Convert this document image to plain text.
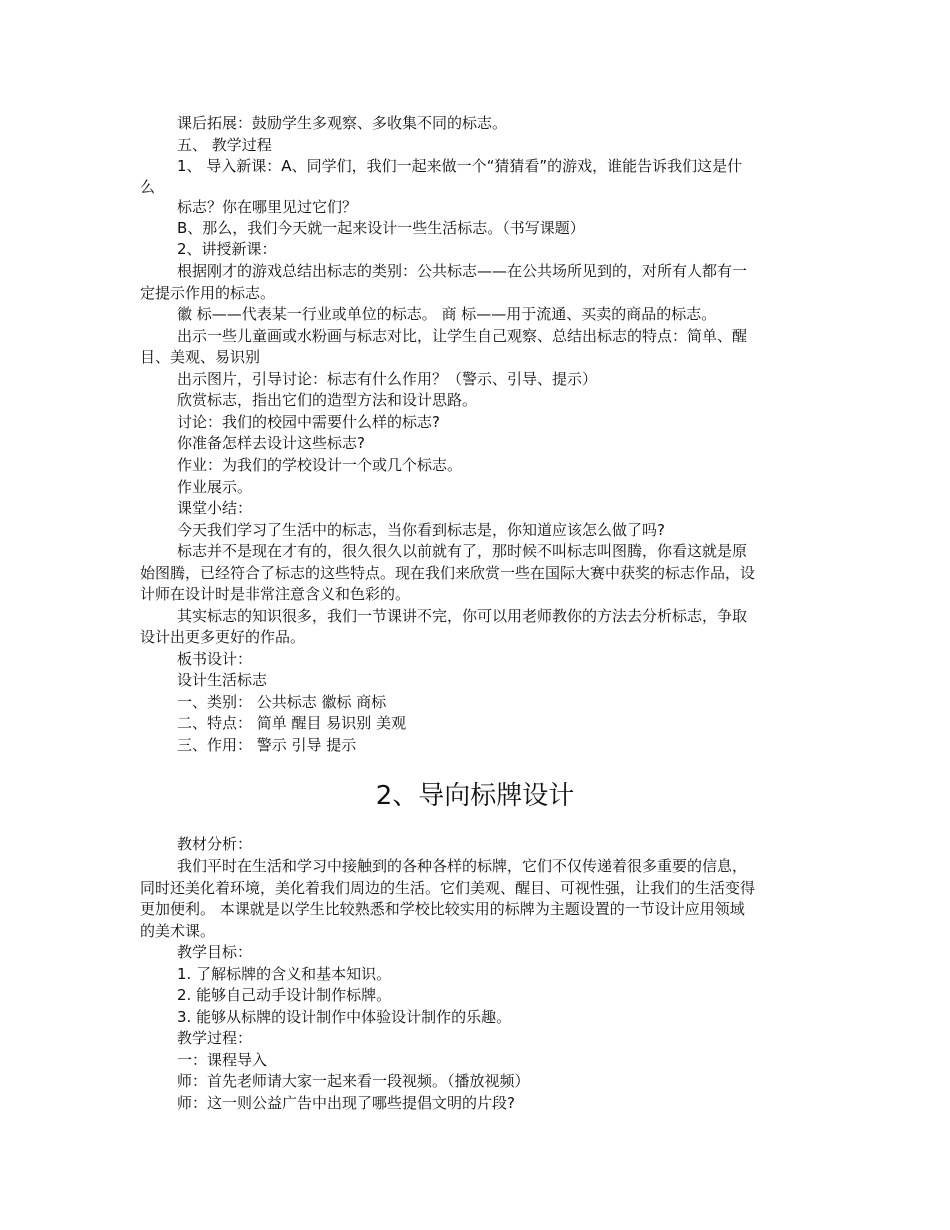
课后拓展：鼓励学生多观察、多收集不同的标志。
五、 教学过程
1、 导入新课：A、同学们，我们一起来做一个“猜猜看”的游戏，谁能告诉我们这是什
么
标志？你在哪里见过它们？
B、那么，我们今天就一起来设计一些生活标志。（书写课题）
2、讲授新课：
根据刚才的游戏总结出标志的类别：公共标志——在公共场所见到的，对所有人都有一
定提示作用的标志。
徽 标——代表某一行业或单位的标志。 商 标——用于流通、买卖的商品的标志。
出示一些儿童画或水粉画与标志对比，让学生自己观察、总结出标志的特点：简单、醒
目、美观、易识别
出示图片，引导讨论：标志有什么作用？（警示、引导、提示）
欣赏标志，指出它们的造型方法和设计思路。
讨论：我们的校园中需要什么样的标志?
你准备怎样去设计这些标志?
作业：为我们的学校设计一个或几个标志。
作业展示。
课堂小结：
今天我们学习了生活中的标志，当你看到标志是，你知道应该怎么做了吗?
标志并不是现在才有的，很久很久以前就有了，那时候不叫标志叫图腾，你看这就是原
始图腾，已经符合了标志的这些特点。现在我们来欣赏一些在国际大赛中获奖的标志作品，设
计师在设计时是非常注意含义和色彩的。
其实标志的知识很多，我们一节课讲不完，你可以用老师教你的方法去分析标志，争取
设计出更多更好的作品。
板书设计：
设计生活标志
一、类别： 公共标志 徽标 商标
二、特点： 简单 醒目 易识别 美观
三、作用： 警示 引导 提示
2、导向标牌设计
教材分析：
我们平时在生活和学习中接触到的各种各样的标牌，它们不仅传递着很多重要的信息，
同时还美化着环境，美化着我们周边的生活。它们美观、醒目、可视性强，让我们的生活变得
更加便利。 本课就是以学生比较熟悉和学校比较实用的标牌为主题设置的一节设计应用领域
的美术课。
教学目标：
1. 了解标牌的含义和基本知识。
2. 能够自己动手设计制作标牌。
3. 能够从标牌的设计制作中体验设计制作的乐趣。
教学过程：
一：课程导入
师：首先老师请大家一起来看一段视频。（播放视频）
师：这一则公益广告中出现了哪些提倡文明的片段?
